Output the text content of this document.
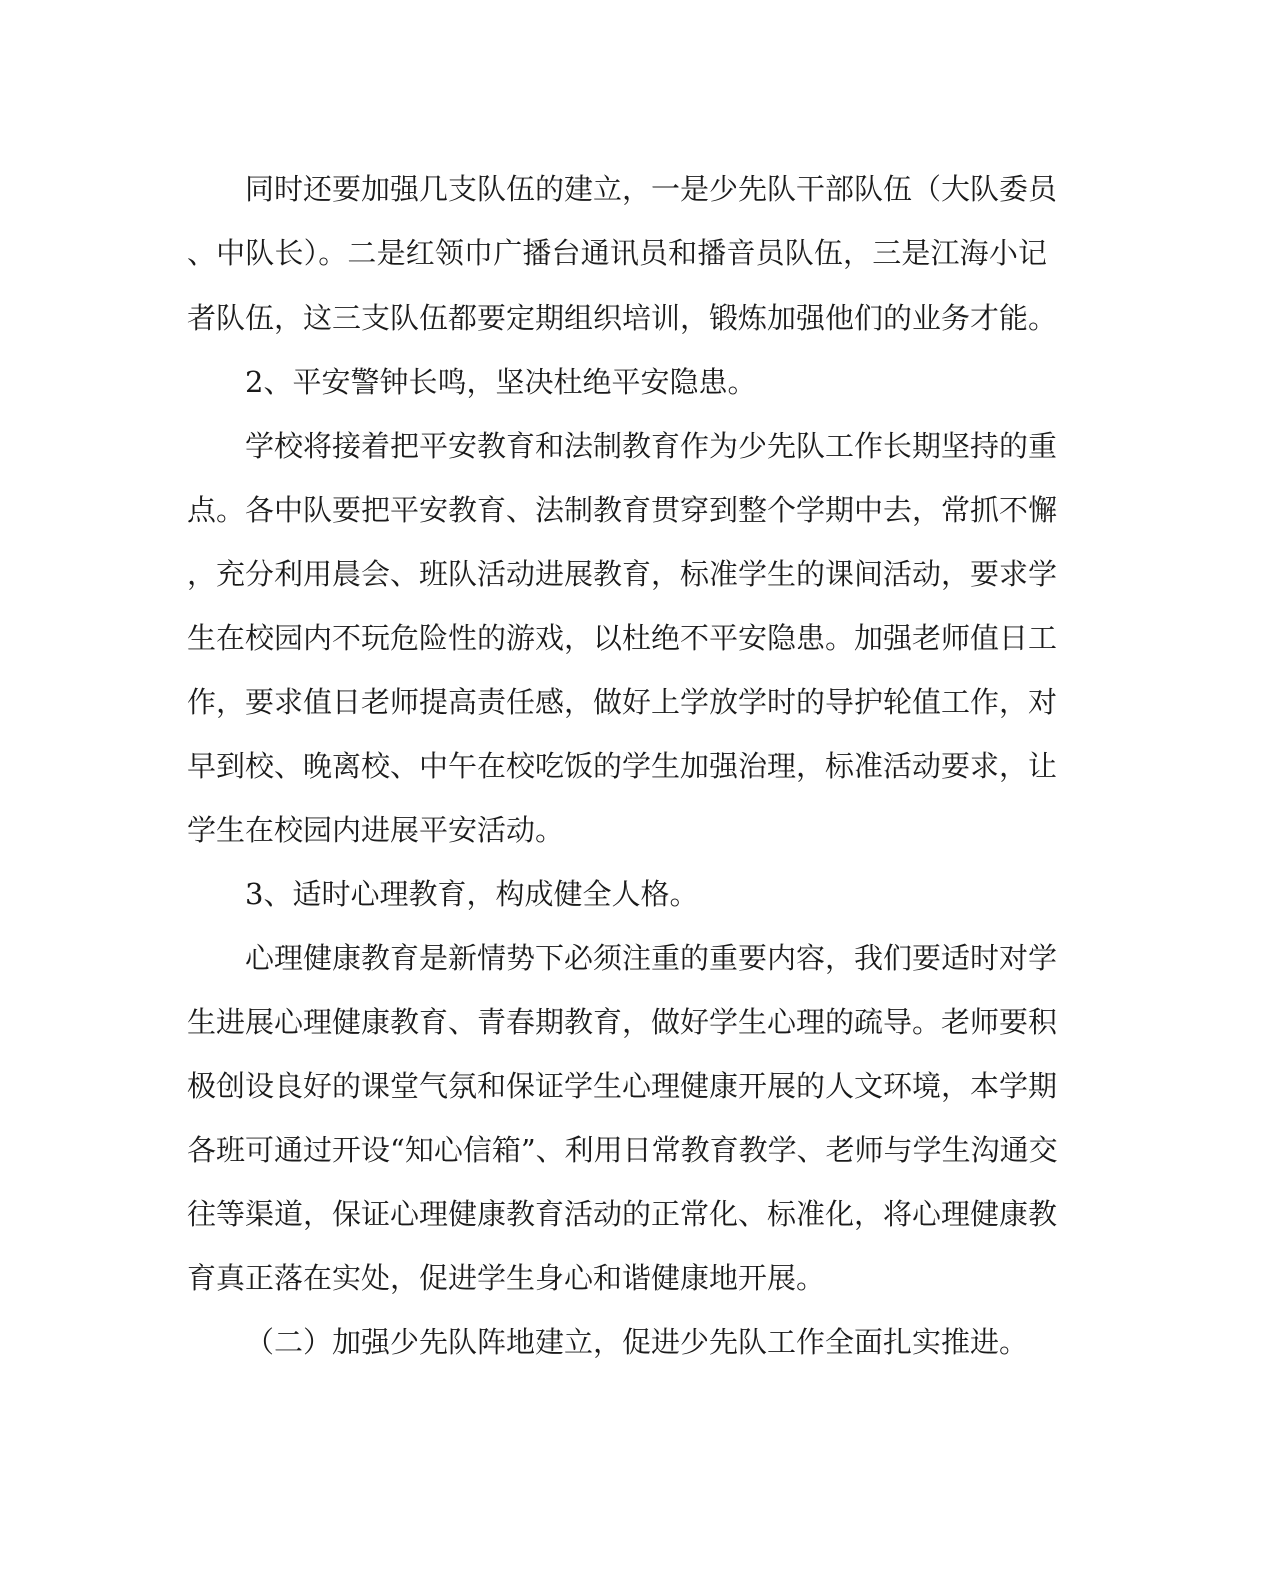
同时还要加强几支队伍的建立，一是少先队干部队伍（大队委员
、中队长）。二是红领巾广播台通讯员和播音员队伍，三是江海小记
者队伍，这三支队伍都要定期组织培训，锻炼加强他们的业务才能。
2、平安警钟长鸣，坚决杜绝平安隐患。
学校将接着把平安教育和法制教育作为少先队工作长期坚持的重
点。各中队要把平安教育、法制教育贯穿到整个学期中去，常抓不懈
，充分利用晨会、班队活动进展教育，标准学生的课间活动，要求学
生在校园内不玩危险性的游戏，以杜绝不平安隐患。加强老师值日工
作，要求值日老师提高责任感，做好上学放学时的导护轮值工作，对
早到校、晚离校、中午在校吃饭的学生加强治理，标准活动要求，让
学生在校园内进展平安活动。
3、适时心理教育，构成健全人格。
心理健康教育是新情势下必须注重的重要内容，我们要适时对学
生进展心理健康教育、青春期教育，做好学生心理的疏导。老师要积
极创设良好的课堂气氛和保证学生心理健康开展的人文环境，本学期
各班可通过开设“知心信箱”、利用日常教育教学、老师与学生沟通交
往等渠道，保证心理健康教育活动的正常化、标准化，将心理健康教
育真正落在实处，促进学生身心和谐健康地开展。
（二）加强少先队阵地建立，促进少先队工作全面扎实推进。
